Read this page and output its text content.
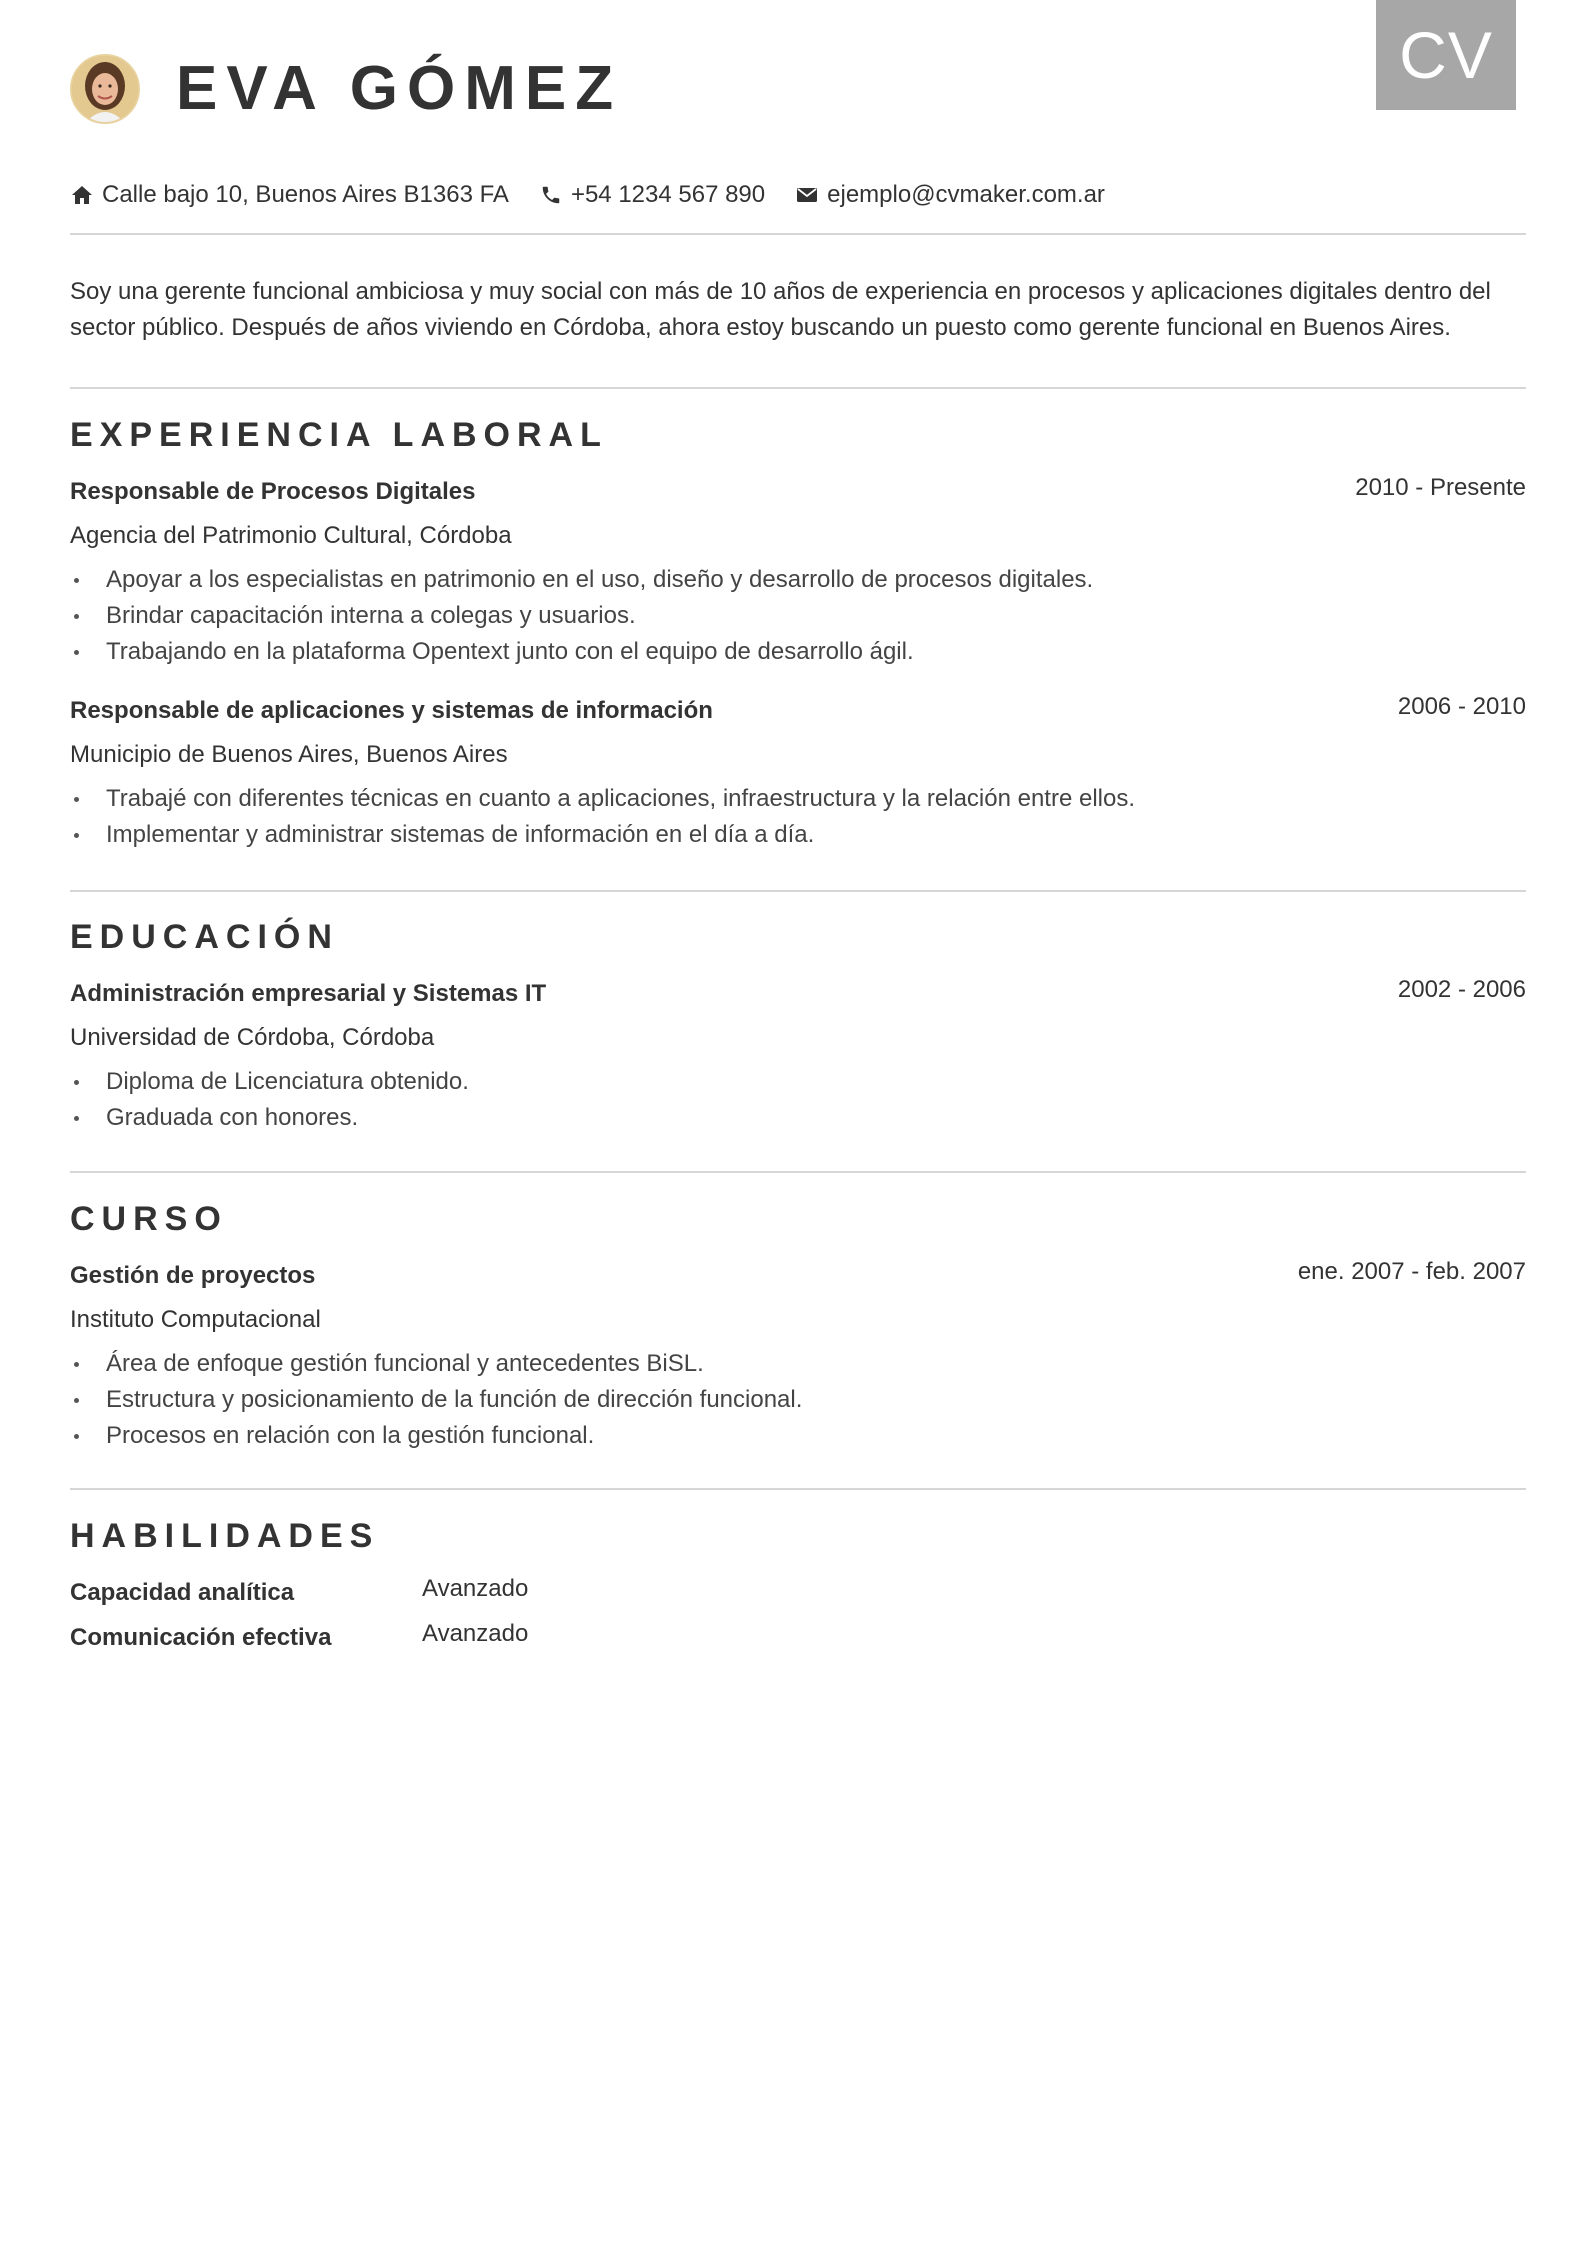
CV
EVA GÓMEZ
Calle bajo 10, Buenos Aires B1363 FA	+54 1234 567 890	ejemplo@cvmaker.com.ar
Soy una gerente funcional ambiciosa y muy social con más de 10 años de experiencia en procesos y aplicaciones digitales dentro del sector público. Después de años viviendo en Córdoba, ahora estoy buscando un puesto como gerente funcional en Buenos Aires.
EXPERIENCIA LABORAL
Responsable de Procesos Digitales	2010 - Presente
Agencia del Patrimonio Cultural, Córdoba
Apoyar a los especialistas en patrimonio en el uso, diseño y desarrollo de procesos digitales.
Brindar capacitación interna a colegas y usuarios.
Trabajando en la plataforma Opentext junto con el equipo de desarrollo ágil.
Responsable de aplicaciones y sistemas de información	2006 - 2010
Municipio de Buenos Aires, Buenos Aires
Trabajé con diferentes técnicas en cuanto a aplicaciones, infraestructura y la relación entre ellos.
Implementar y administrar sistemas de información en el día a día.
EDUCACIÓN
Administración empresarial y Sistemas IT	2002 - 2006
Universidad de Córdoba, Córdoba
Diploma de Licenciatura obtenido.
Graduada con honores.
CURSO
Gestión de proyectos	ene. 2007 - feb. 2007
Instituto Computacional
Área de enfoque gestión funcional y antecedentes BiSL.
Estructura y posicionamiento de la función de dirección funcional.
Procesos en relación con la gestión funcional.
HABILIDADES
Capacidad analítica	Avanzado
Comunicación efectiva	Avanzado
